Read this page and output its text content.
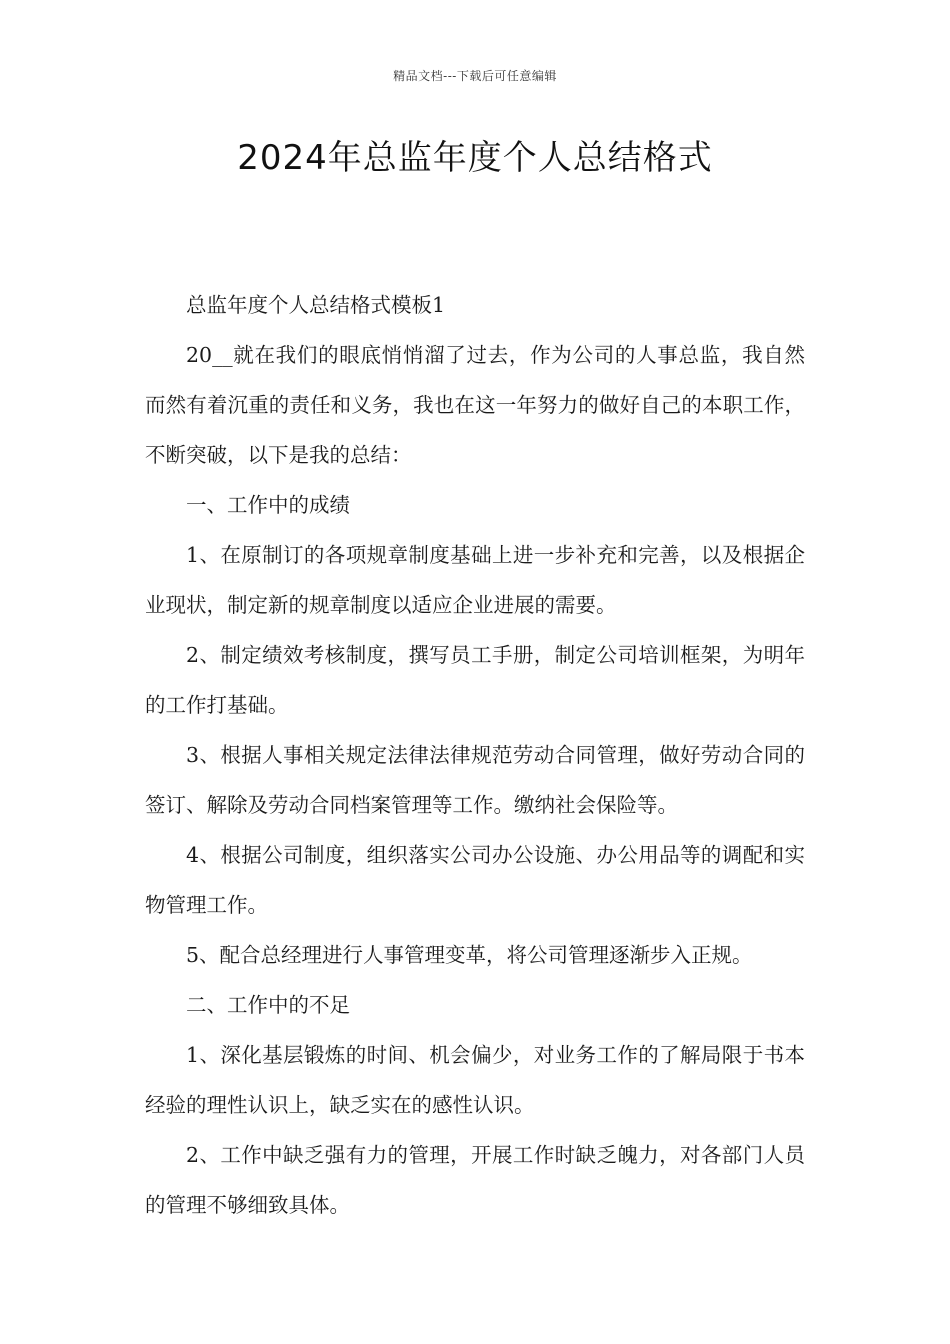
精品文档---下载后可任意编辑
2024年总监年度个人总结格式

总监年度个人总结格式模板1

20__就在我们的眼底悄悄溜了过去，作为公司的人事总监，我自然而然有着沉重的责任和义务，我也在这一年努力的做好自己的本职工作，不断突破，以下是我的总结：

一、工作中的成绩

1、在原制订的各项规章制度基础上进一步补充和完善，以及根据企业现状，制定新的规章制度以适应企业进展的需要。

2、制定绩效考核制度，撰写员工手册，制定公司培训框架，为明年的工作打基础。

3、根据人事相关规定法律法律规范劳动合同管理，做好劳动合同的签订、解除及劳动合同档案管理等工作。缴纳社会保险等。

4、根据公司制度，组织落实公司办公设施、办公用品等的调配和实物管理工作。

5、配合总经理进行人事管理变革，将公司管理逐渐步入正规。

二、工作中的不足

1、深化基层锻炼的时间、机会偏少，对业务工作的了解局限于书本经验的理性认识上，缺乏实在的感性认识。

2、工作中缺乏强有力的管理，开展工作时缺乏魄力，对各部门人员的管理不够细致具体。
